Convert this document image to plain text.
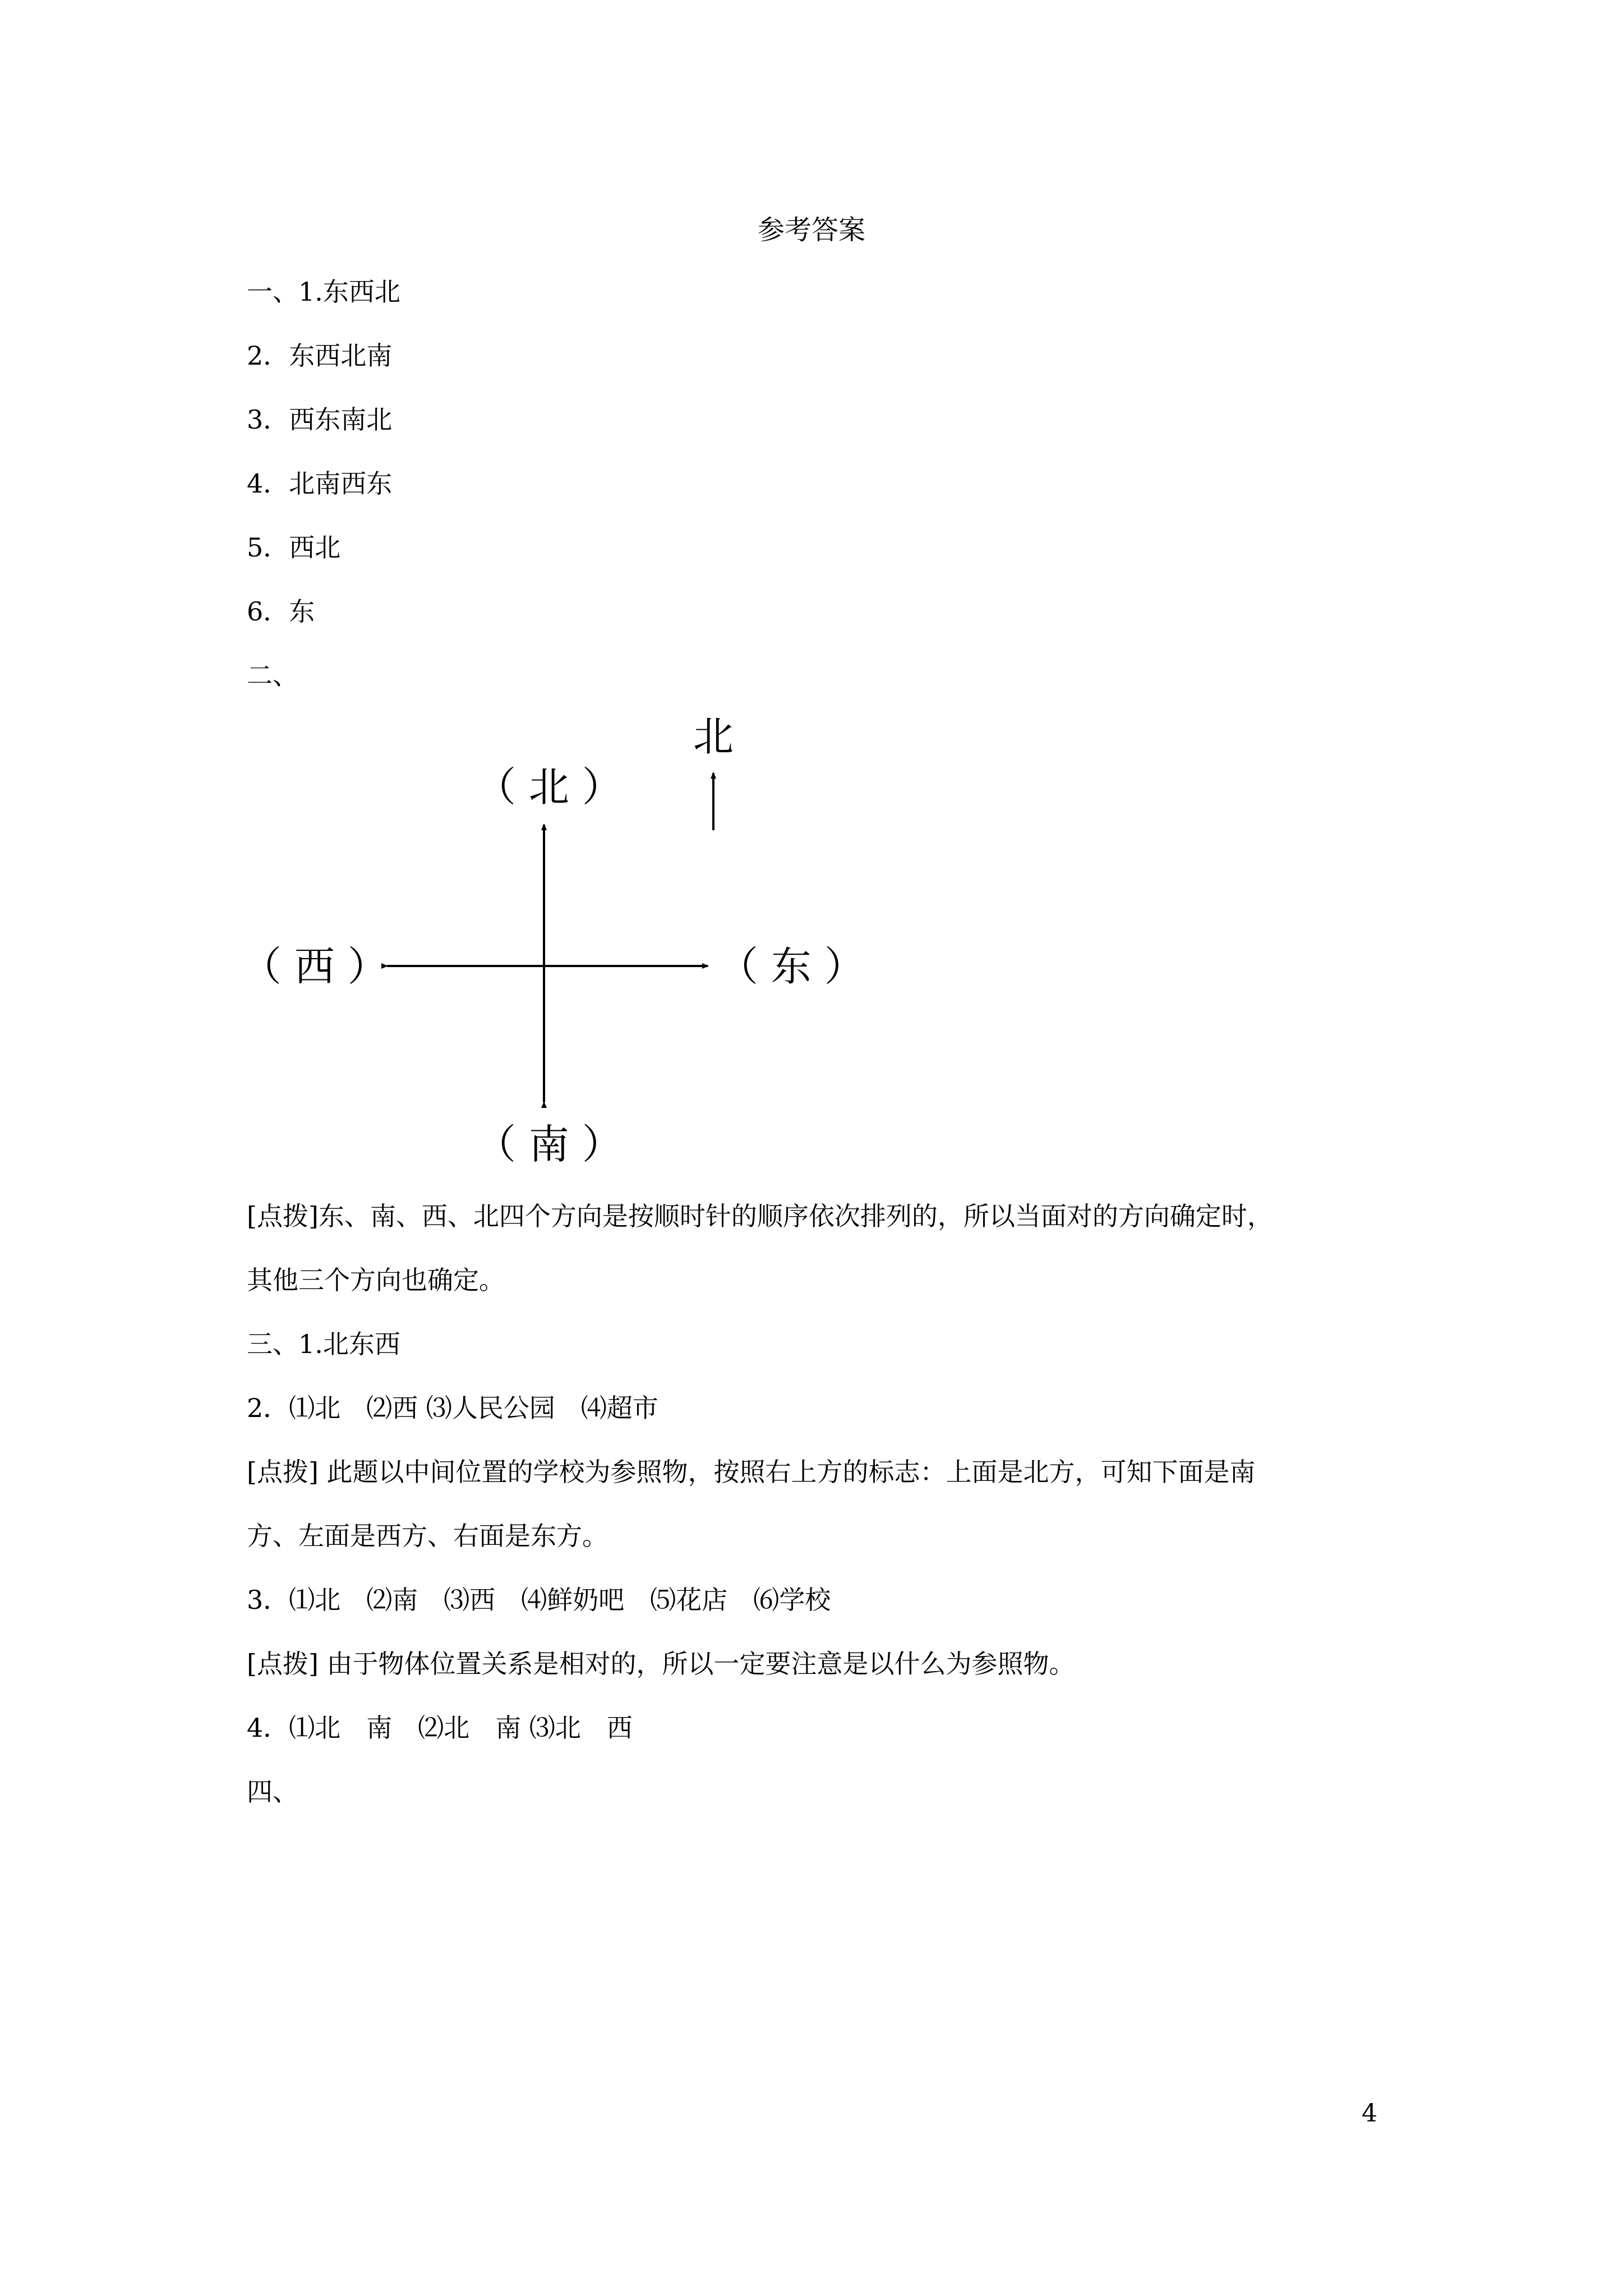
参考答案
一、1.东西北
2．东西北南
3．西东南北
4．北南西东
5．西北
6．东
二、
北
（ 北 ）
（ 西 ）	（ 东 ）
（ 南 ）
[点拨]东、南、西、北四个方向是按顺时针的顺序依次排列的，所以当面对的方向确定时，
其他三个方向也确定。
三、1.北东西
2．⑴北　⑵西 ⑶人民公园　⑷超市
[点拨] 此题以中间位置的学校为参照物，按照右上方的标志：上面是北方，可知下面是南
方、左面是西方、右面是东方。
3．⑴北　⑵南　⑶西　⑷鲜奶吧　⑸花店　⑹学校
[点拨] 由于物体位置关系是相对的，所以一定要注意是以什么为参照物。
4．⑴北　南　⑵北　南 ⑶北　西
四、
4
